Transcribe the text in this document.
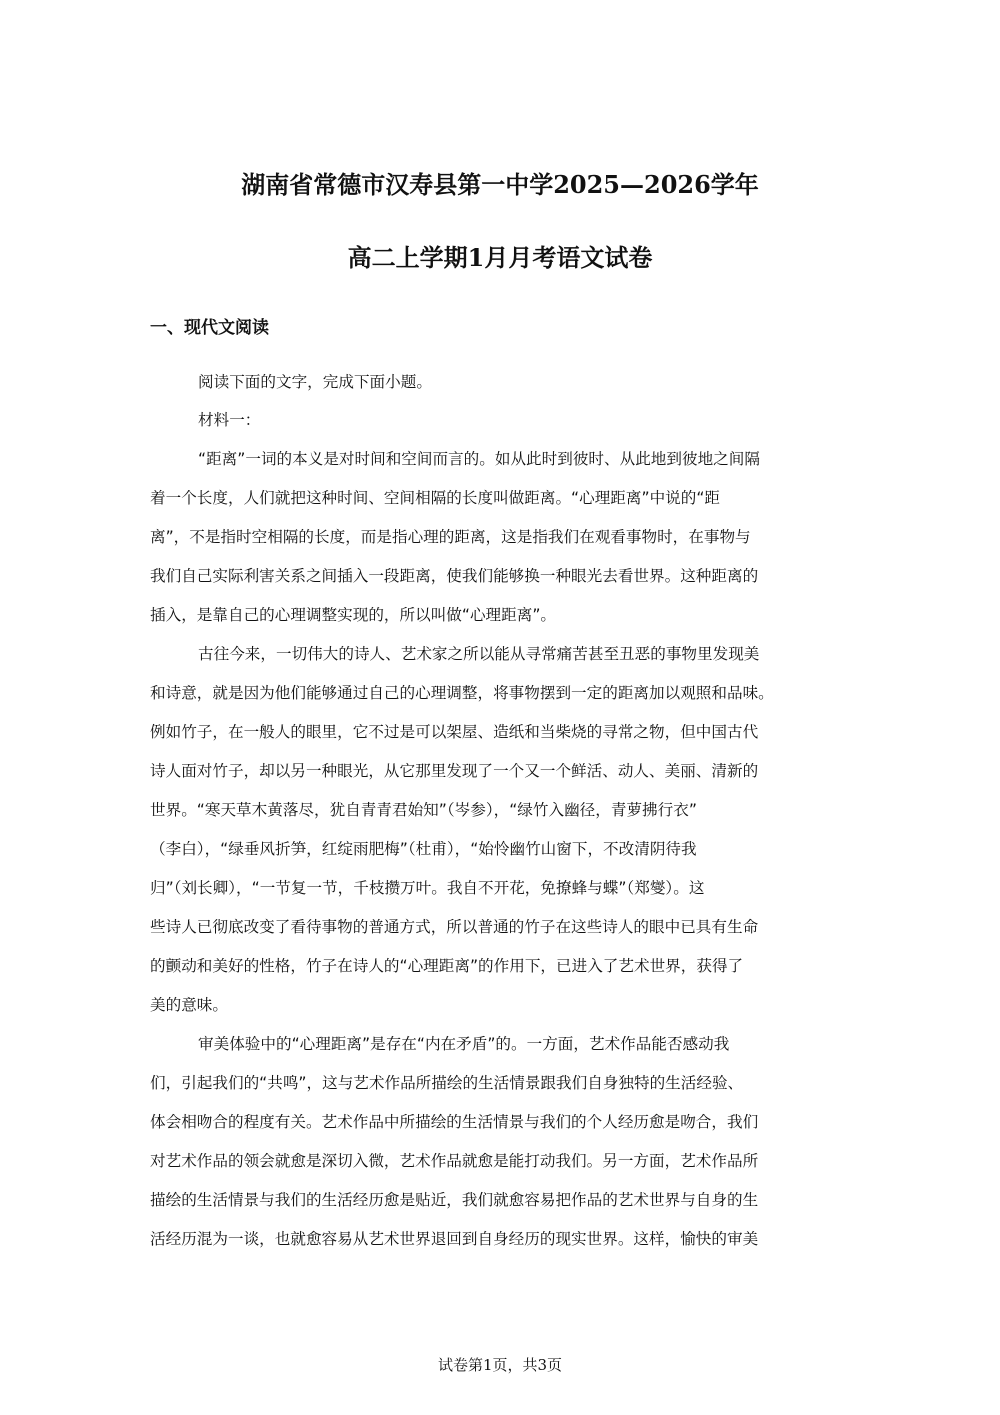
湖南省常德市汉寿县第一中学2025—2026学年
高二上学期1月月考语文试卷
一、现代文阅读

阅读下面的文字，完成下面小题。

材料一：

“距离”一词的本义是对时间和空间而言的。如从此时到彼时、从此地到彼地之间隔

着一个长度，人们就把这种时间、空间相隔的长度叫做距离。“心理距离”中说的“距

离”，不是指时空相隔的长度，而是指心理的距离，这是指我们在观看事物时，在事物与

我们自己实际利害关系之间插入一段距离，使我们能够换一种眼光去看世界。这种距离的

插入，是靠自己的心理调整实现的，所以叫做“心理距离”。

古往今来，一切伟大的诗人、艺术家之所以能从寻常痛苦甚至丑恶的事物里发现美

和诗意，就是因为他们能够通过自己的心理调整，将事物摆到一定的距离加以观照和品味。

例如竹子，在一般人的眼里，它不过是可以架屋、造纸和当柴烧的寻常之物，但中国古代

诗人面对竹子，却以另一种眼光，从它那里发现了一个又一个鲜活、动人、美丽、清新的

世界。“寒天草木黄落尽，犹自青青君始知”（岑参），“绿竹入幽径，青萝拂行衣”

（李白），“绿垂风折笋，红绽雨肥梅”（杜甫），“始怜幽竹山窗下，不改清阴待我

归”（刘长卿），“一节复一节，千枝攒万叶。我自不开花，免撩蜂与蝶”（郑燮）。这

些诗人已彻底改变了看待事物的普通方式，所以普通的竹子在这些诗人的眼中已具有生命

的颤动和美好的性格，竹子在诗人的“心理距离”的作用下，已进入了艺术世界，获得了

美的意味。

审美体验中的“心理距离”是存在“内在矛盾”的。一方面，艺术作品能否感动我

们，引起我们的“共鸣”，这与艺术作品所描绘的生活情景跟我们自身独特的生活经验、

体会相吻合的程度有关。艺术作品中所描绘的生活情景与我们的个人经历愈是吻合，我们

对艺术作品的领会就愈是深切入微，艺术作品就愈是能打动我们。另一方面，艺术作品所

描绘的生活情景与我们的生活经历愈是贴近，我们就愈容易把作品的艺术世界与自身的生

活经历混为一谈，也就愈容易从艺术世界退回到自身经历的现实世界。这样，愉快的审美

试卷第1页，共3页
